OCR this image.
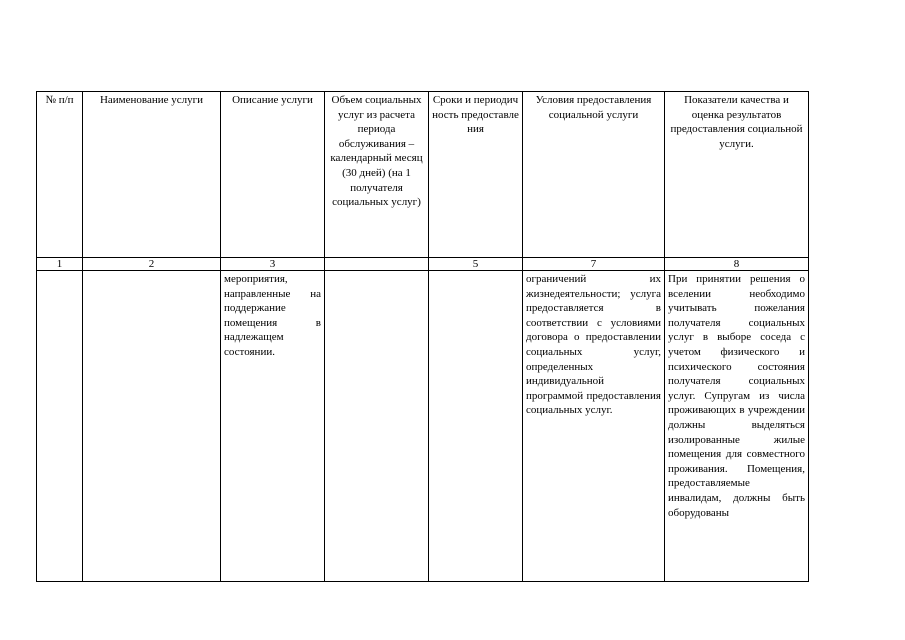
№ п/п	Наименование услуги	Описание услуги	Объем социальных услуг из расчета периода обслуживания – календарный месяц (30 дней) (на 1 получателя социальных услуг)	Сроки и периодичность предоставления	Условия предоставления социальной услуги	Показатели качества и оценка результатов предоставления социальной услуги.
1	2	3		5	7	8
		мероприятия, направленные на поддержание помещения в надлежащем состоянии.			ограничений их жизнедеятельности; услуга предоставляется в соответствии с условиями договора о предоставлении социальных услуг, определенных индивидуальной программой предоставления социальных услуг.	При принятии решения о вселении необходимо учитывать пожелания получателя социальных услуг в выборе соседа с учетом физического и психического состояния получателя социальных услуг. Супругам из числа проживающих в учреждении должны выделяться изолированные жилые помещения для совместного проживания. Помещения, предоставляемые инвалидам, должны быть оборудованы
